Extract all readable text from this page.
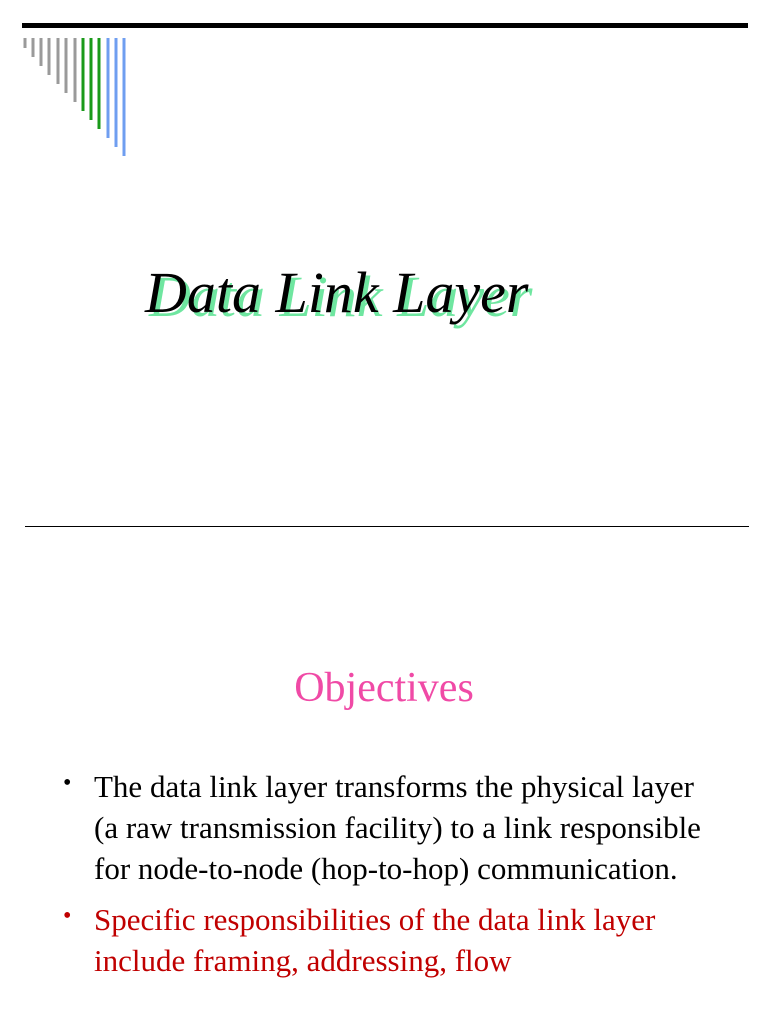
Data Link Layer
Objectives
• The data link layer transforms the physical layer (a raw transmission facility) to a link responsible for node-to-node (hop-to-hop) communication.
• Specific responsibilities of the data link layer include framing, addressing, flow
